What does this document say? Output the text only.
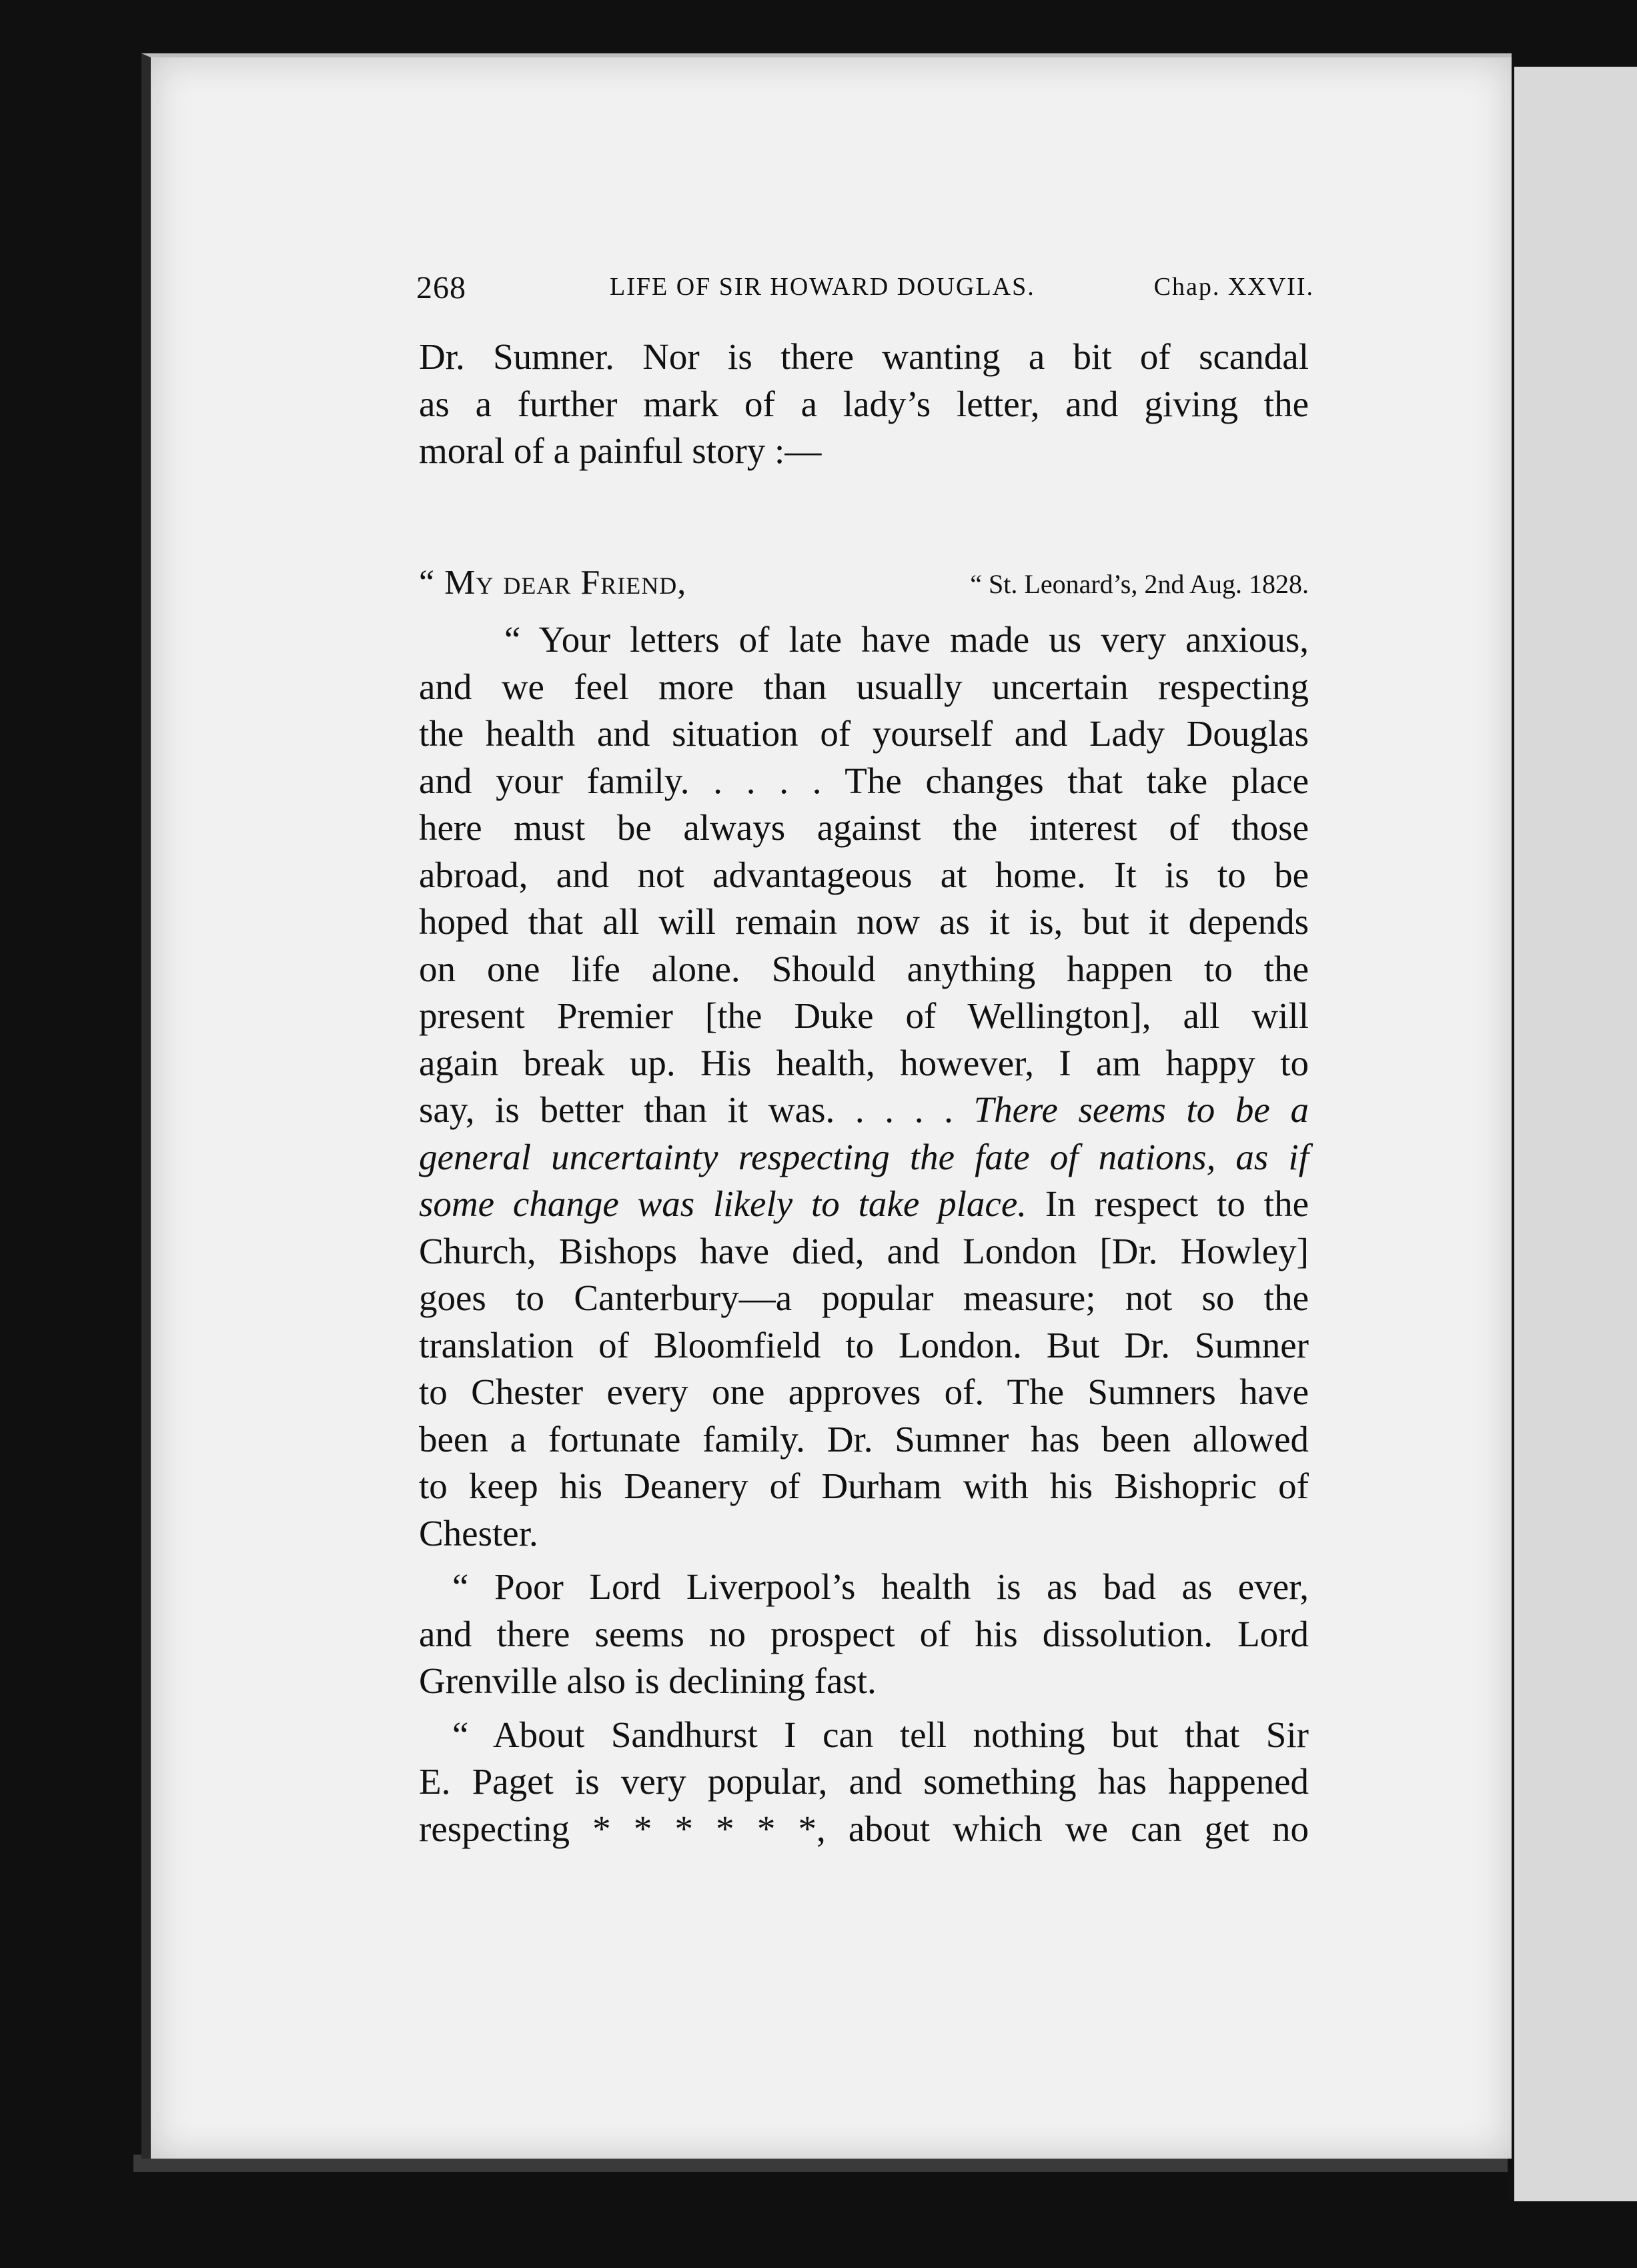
268	LIFE OF SIR HOWARD DOUGLAS.	Chap. XXVII.
Dr. Sumner. Nor is there wanting a bit of scandal
as a further mark of a lady’s letter, and giving the
moral of a painful story :—
“ My dear Friend,	“ St. Leonard’s, 2nd Aug. 1828.
“ Your letters of late have made us very anxious,
and we feel more than usually uncertain respecting
the health and situation of yourself and Lady Douglas
and your family. . . . . The changes that take place
here must be always against the interest of those
abroad, and not advantageous at home. It is to be
hoped that all will remain now as it is, but it depends
on one life alone. Should anything happen to the
present Premier [the Duke of Wellington], all will
again break up. His health, however, I am happy to
say, is better than it was. . . . . There seems to be a
general uncertainty respecting the fate of nations, as if
some change was likely to take place. In respect to the
Church, Bishops have died, and London [Dr. Howley]
goes to Canterbury—a popular measure; not so the
translation of Bloomfield to London. But Dr. Sumner
to Chester every one approves of. The Sumners have
been a fortunate family. Dr. Sumner has been allowed
to keep his Deanery of Durham with his Bishopric of
Chester.
“ Poor Lord Liverpool’s health is as bad as ever,
and there seems no prospect of his dissolution. Lord
Grenville also is declining fast.
“ About Sandhurst I can tell nothing but that Sir
E. Paget is very popular, and something has happened
respecting * * * * * *, about which we can get no
